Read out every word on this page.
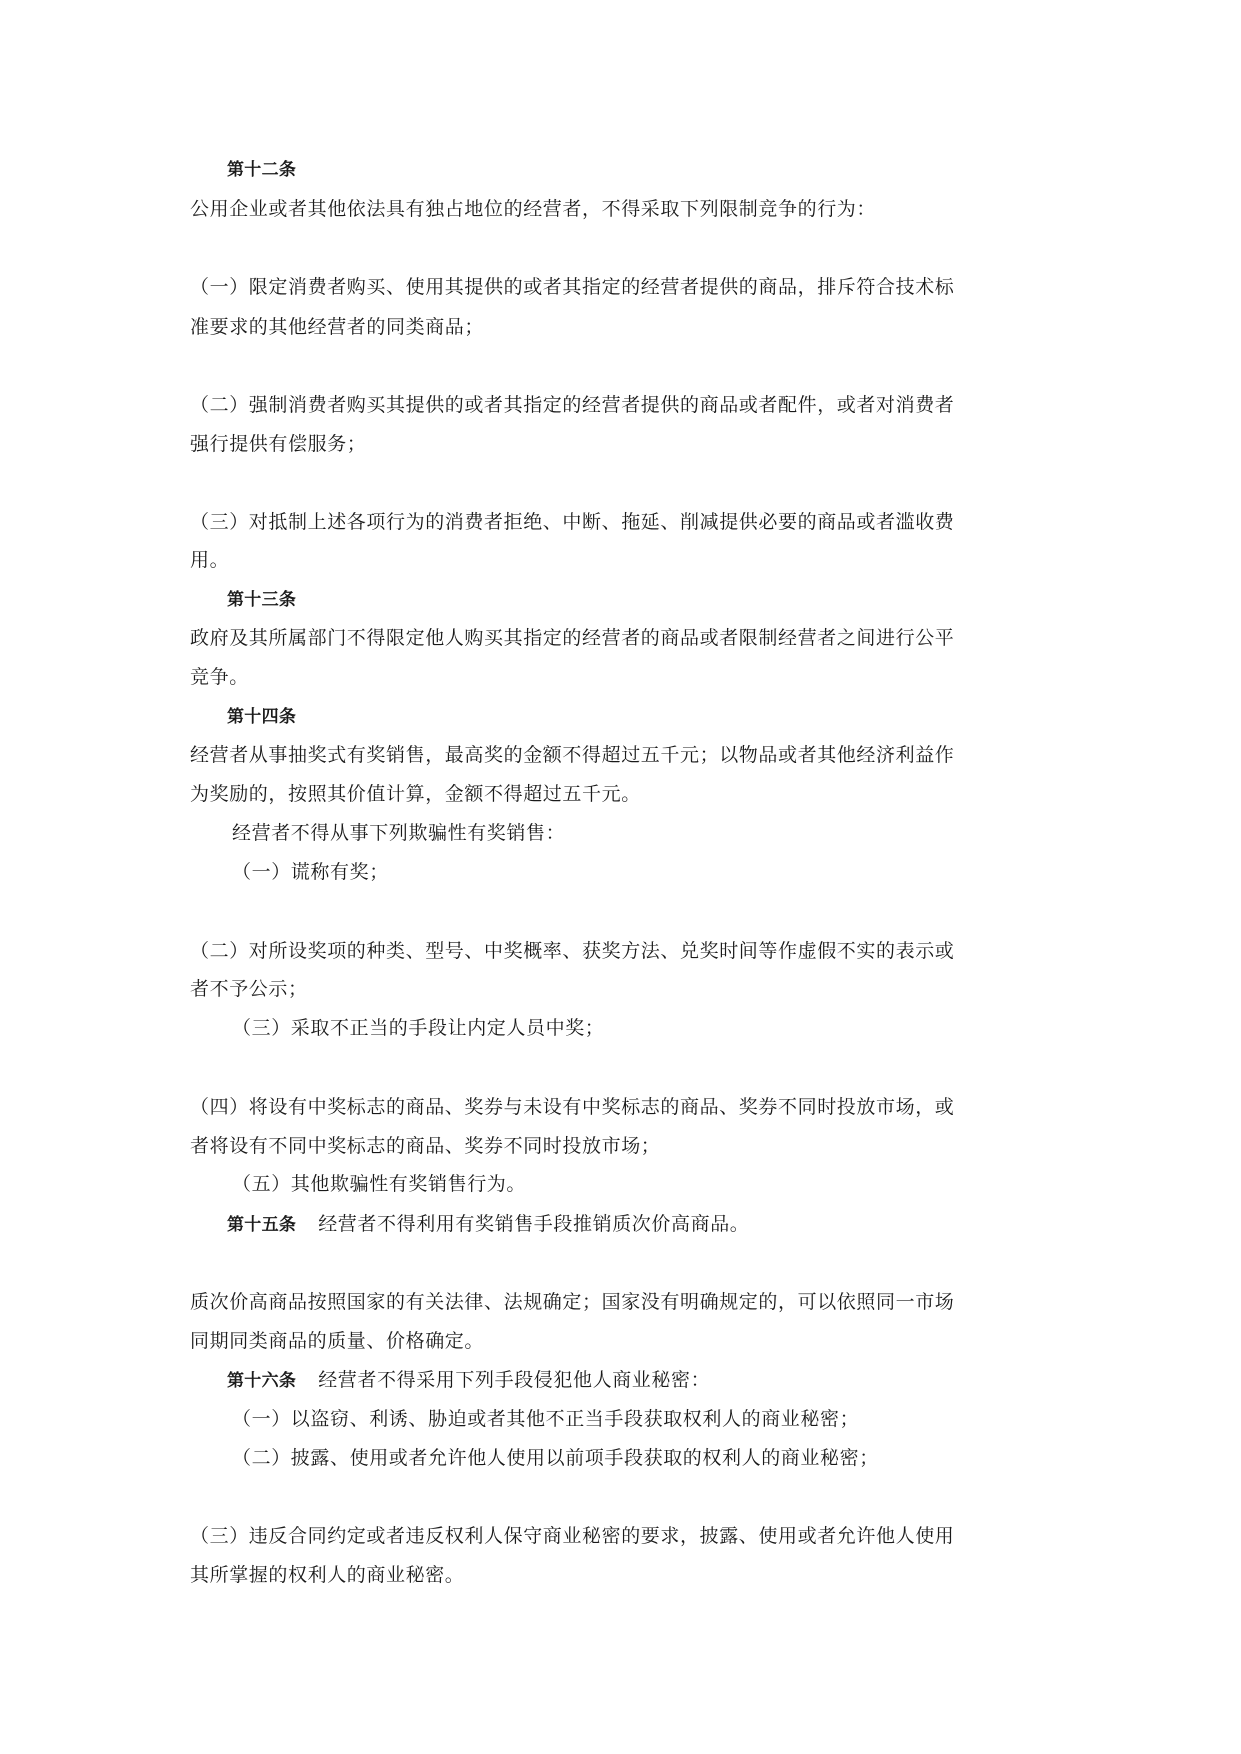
第十二条

公用企业或者其他依法具有独占地位的经营者，不得采取下列限制竞争的行为：

（一）限定消费者购买、使用其提供的或者其指定的经营者提供的商品，排斥符合技术标

准要求的其他经营者的同类商品；

（二）强制消费者购买其提供的或者其指定的经营者提供的商品或者配件，或者对消费者

强行提供有偿服务；

（三）对抵制上述各项行为的消费者拒绝、中断、拖延、削减提供必要的商品或者滥收费

用。

第十三条

政府及其所属部门不得限定他人购买其指定的经营者的商品或者限制经营者之间进行公平

竞争。

第十四条

经营者从事抽奖式有奖销售，最高奖的金额不得超过五千元；以物品或者其他经济利益作

为奖励的，按照其价值计算，金额不得超过五千元。

经营者不得从事下列欺骗性有奖销售：

（一）谎称有奖；

（二）对所设奖项的种类、型号、中奖概率、获奖方法、兑奖时间等作虚假不实的表示或

者不予公示；

（三）采取不正当的手段让内定人员中奖；

（四）将设有中奖标志的商品、奖券与未设有中奖标志的商品、奖券不同时投放市场，或

者将设有不同中奖标志的商品、奖券不同时投放市场；

（五）其他欺骗性有奖销售行为。

第十五条 经营者不得利用有奖销售手段推销质次价高商品。

质次价高商品按照国家的有关法律、法规确定；国家没有明确规定的，可以依照同一市场

同期同类商品的质量、价格确定。

第十六条 经营者不得采用下列手段侵犯他人商业秘密：

（一）以盗窃、利诱、胁迫或者其他不正当手段获取权利人的商业秘密；

（二）披露、使用或者允许他人使用以前项手段获取的权利人的商业秘密；

（三）违反合同约定或者违反权利人保守商业秘密的要求，披露、使用或者允许他人使用

其所掌握的权利人的商业秘密。
